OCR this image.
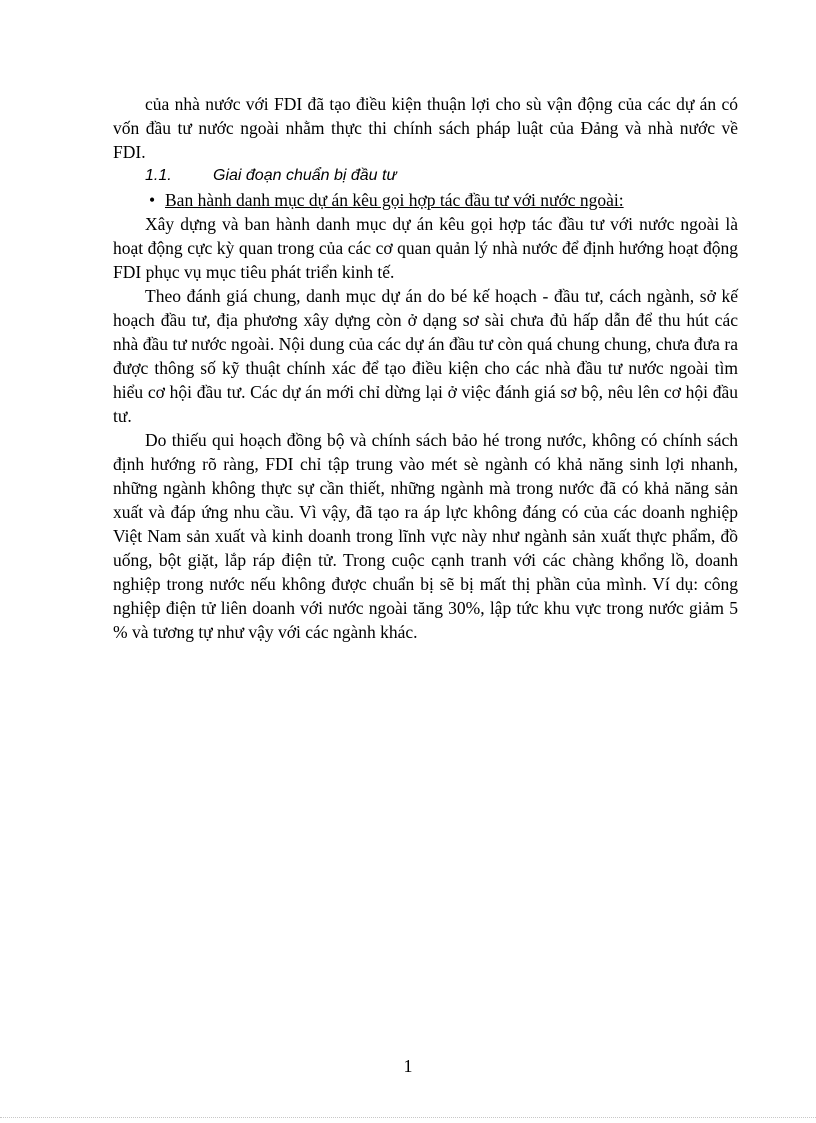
của nhà nước với FDI đã tạo điều kiện thuận lợi cho sù vận động của các dự án có vốn đầu tư nước ngoài nhằm thực thi chính sách pháp luật của Đảng và nhà nước về FDI.

1.1.	Giai đoạn chuẩn bị đầu tư

• Ban hành danh mục dự án kêu gọi hợp tác đầu tư với nước ngoài:

Xây dựng và ban hành danh mục dự án kêu gọi hợp tác đầu tư với nước ngoài là hoạt động cực kỳ quan trong của các cơ quan quản lý nhà nước để định hướng hoạt động FDI phục vụ mục tiêu phát triển kinh tế.

Theo đánh giá chung, danh mục dự án do bé kế hoạch - đầu tư, cách ngành, sở kế hoạch đầu tư, địa phương xây dựng còn ở dạng sơ sài chưa đủ hấp dẫn để thu hút các nhà đầu tư nước ngoài. Nội dung của các dự án đầu tư còn quá chung chung, chưa đưa ra được thông số kỹ thuật chính xác để tạo điều kiện cho các nhà đầu tư nước ngoài tìm hiểu cơ hội đầu tư. Các dự án mới chỉ dừng lại ở việc đánh giá sơ bộ, nêu lên cơ hội đầu tư.

Do thiếu qui hoạch đồng bộ và chính sách bảo hé trong nước, không có chính sách định hướng rõ ràng, FDI chỉ tập trung vào mét sè ngành có khả năng sinh lợi nhanh, những ngành không thực sự cần thiết, những ngành mà trong nước đã có khả năng sản xuất và đáp ứng nhu cầu. Vì vậy, đã tạo ra áp lực không đáng có của các doanh nghiệp Việt Nam sản xuất và kinh doanh trong lĩnh vực này như ngành sản xuất thực phẩm, đồ uống, bột giặt, lắp ráp điện tử. Trong cuộc cạnh tranh với các chàng khổng lồ, doanh nghiệp trong nước nếu không được chuẩn bị sẽ bị mất thị phần của mình. Ví dụ: công nghiệp điện tử liên doanh với nước ngoài tăng 30%, lập tức khu vực trong nước giảm 5 % và tương tự như vậy với các ngành khác.

1
